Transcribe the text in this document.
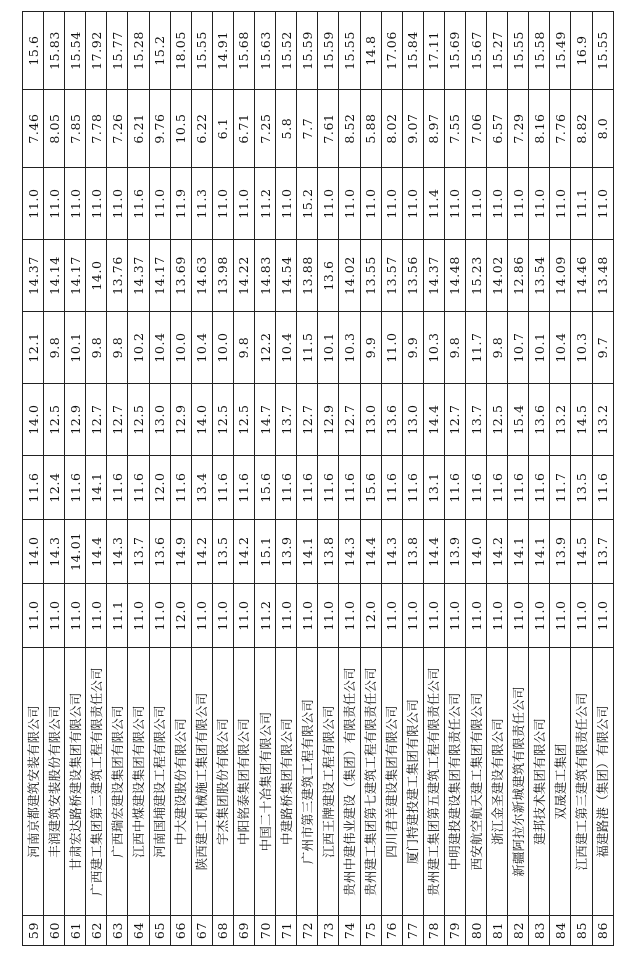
59	河南京都建筑安装有限公司	11.0	14.0	11.6	14.0	12.1	14.37	11.0	7.46	15.6
60	丰润建筑安装股份有限公司	11.0	14.3	12.4	12.5	9.8	14.14	11.0	8.05	15.83
61	甘肃宏达路桥建设集团有限公司	11.0	14.01	11.6	12.9	10.1	14.17	11.0	7.85	15.54
62	广西建工集团第二建筑工程有限责任公司	11.0	14.4	14.1	12.7	9.8	14.0	11.0	7.78	17.92
63	广西瑞宏建设集团有限公司	11.1	14.3	11.6	12.7	9.8	13.76	11.0	7.26	15.77
64	江西中煤建设集团有限公司	11.0	13.7	11.6	12.5	10.2	14.37	11.6	6.21	15.28
65	河南国埔建设工程有限公司	11.0	13.6	12.0	13.0	10.4	14.17	11.0	9.76	15.2
66	中大建设股份有限公司	12.0	14.9	11.6	12.9	10.0	13.69	11.9	10.5	18.05
67	陕西建工机械施工集团有限公司	11.0	14.2	13.4	14.0	10.4	14.63	11.3	6.22	15.55
68	宇杰集团股份有限公司	11.0	13.5	11.6	12.5	10.0	13.98	11.0	6.1	14.91
69	中阳铭泰集团有限公司	11.0	14.2	11.6	12.5	9.8	14.22	11.0	6.71	15.68
70	中国二十冶集团有限公司	11.2	15.1	15.6	14.7	12.2	14.83	11.2	7.25	15.63
71	中建路桥集团有限公司	11.0	13.9	11.6	13.7	10.4	14.54	11.0	5.8	15.52
72	广州市第三建筑工程有限公司	11.0	14.1	11.6	12.7	11.5	13.88	15.2	7.7	15.59
73	江西王牌建设工程有限公司	11.0	13.8	11.6	12.9	10.1	13.6	11.0	7.61	15.59
74	贵州中建伟业建设（集团）有限责任公司	11.0	14.3	11.6	12.7	10.3	14.02	11.0	8.52	15.55
75	贵州建工集团第七建筑工程有限责任公司	12.0	14.4	15.6	13.0	9.9	13.55	11.0	5.88	14.8
76	四川君羊建设集团有限公司	11.0	14.3	11.6	13.6	11.0	13.57	11.0	8.02	17.06
77	厦门特建投建工集团有限公司	11.0	13.8	11.6	13.0	9.9	13.56	11.0	9.07	15.84
78	贵州建工集团第五建筑工程有限责任公司	11.0	14.4	13.1	14.4	10.3	14.37	11.4	8.97	17.11
79	中明建投建设集团有限责任公司	11.0	13.9	11.6	12.7	9.8	14.48	11.0	7.55	15.69
80	西安航空航天建工集团有限公司	11.0	14.0	11.6	13.7	11.7	15.23	11.0	7.06	15.67
81	浙江金圣建设有限公司	11.0	14.2	11.6	12.5	9.8	14.02	11.0	6.57	15.27
82	新疆阿拉尔新城建筑有限责任公司	11.0	14.1	11.6	15.4	10.7	12.86	11.0	7.29	15.55
83	建邦技术集团有限公司	11.0	14.1	11.6	13.6	10.1	13.54	11.0	8.16	15.58
84	双晟建工集团	11.0	13.9	11.7	13.2	10.4	14.09	11.0	7.76	15.49
85	江西建工第三建筑有限责任公司	11.0	14.5	13.5	14.5	10.3	14.46	11.1	8.82	16.9
86	福建路港（集团）有限公司	11.0	13.7	11.6	13.2	9.7	13.48	11.0	8.0	15.55
